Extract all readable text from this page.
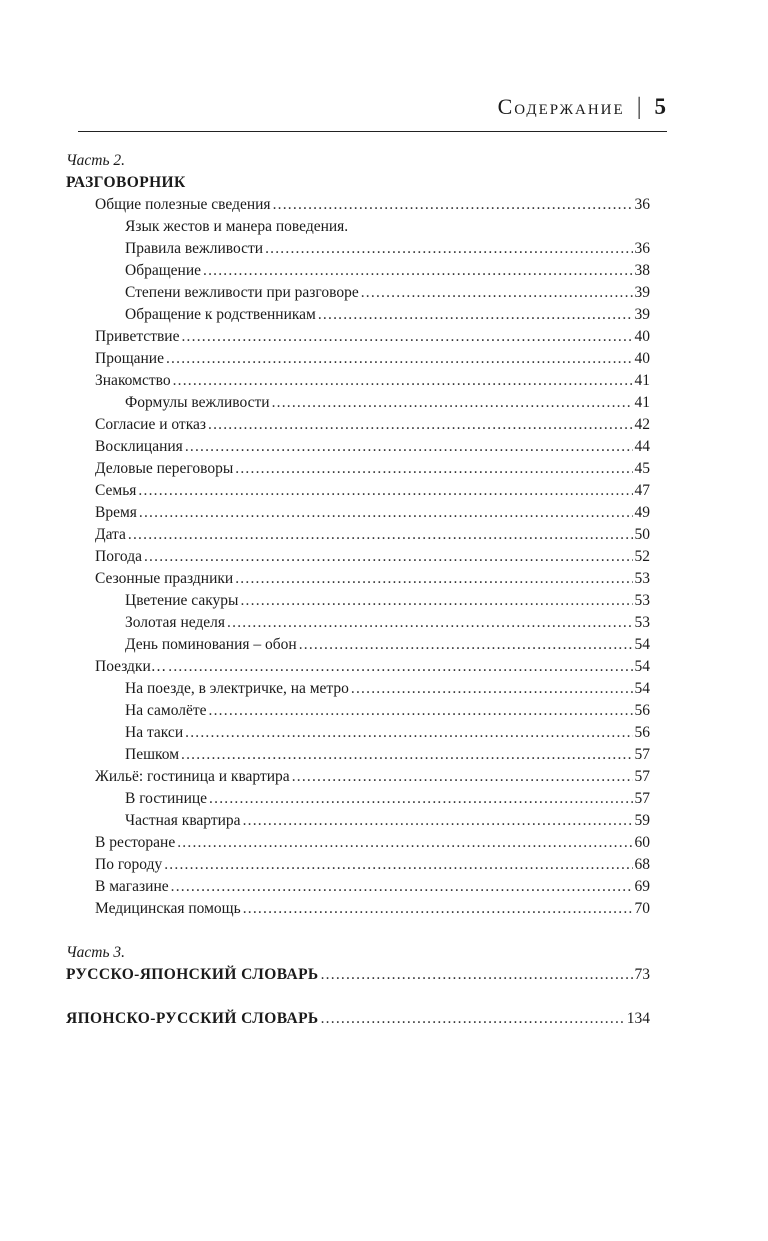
Содержание | 5
Часть 2.
РАЗГОВОРНИК
Общие полезные сведения .....	36
Язык жестов и манера поведения.
Правила вежливости .....	36
Обращение .....	38
Степени вежливости при разговоре .....	39
Обращение к родственникам .....	39
Приветствие .....	40
Прощание .....	40
Знакомство .....	41
Формулы вежливости .....	41
Согласие и отказ .....	42
Восклицания .....	44
Деловые переговоры .....	45
Семья .....	47
Время .....	49
Дата .....	50
Погода .....	52
Сезонные праздники .....	53
Цветение сакуры .....	53
Золотая неделя .....	53
День поминования – обон .....	54
Поездки… .....	54
На поезде, в электричке, на метро .....	54
На самолёте .....	56
На такси .....	56
Пешком .....	57
Жильё: гостиница и квартира .....	57
В гостинице .....	57
Частная квартира .....	59
В ресторане .....	60
По городу .....	68
В магазине .....	69
Медицинская помощь .....	70
Часть 3.
РУССКО-ЯПОНСКИЙ СЛОВАРЬ .....	73
ЯПОНСКО-РУССКИЙ СЛОВАРЬ .....	134
